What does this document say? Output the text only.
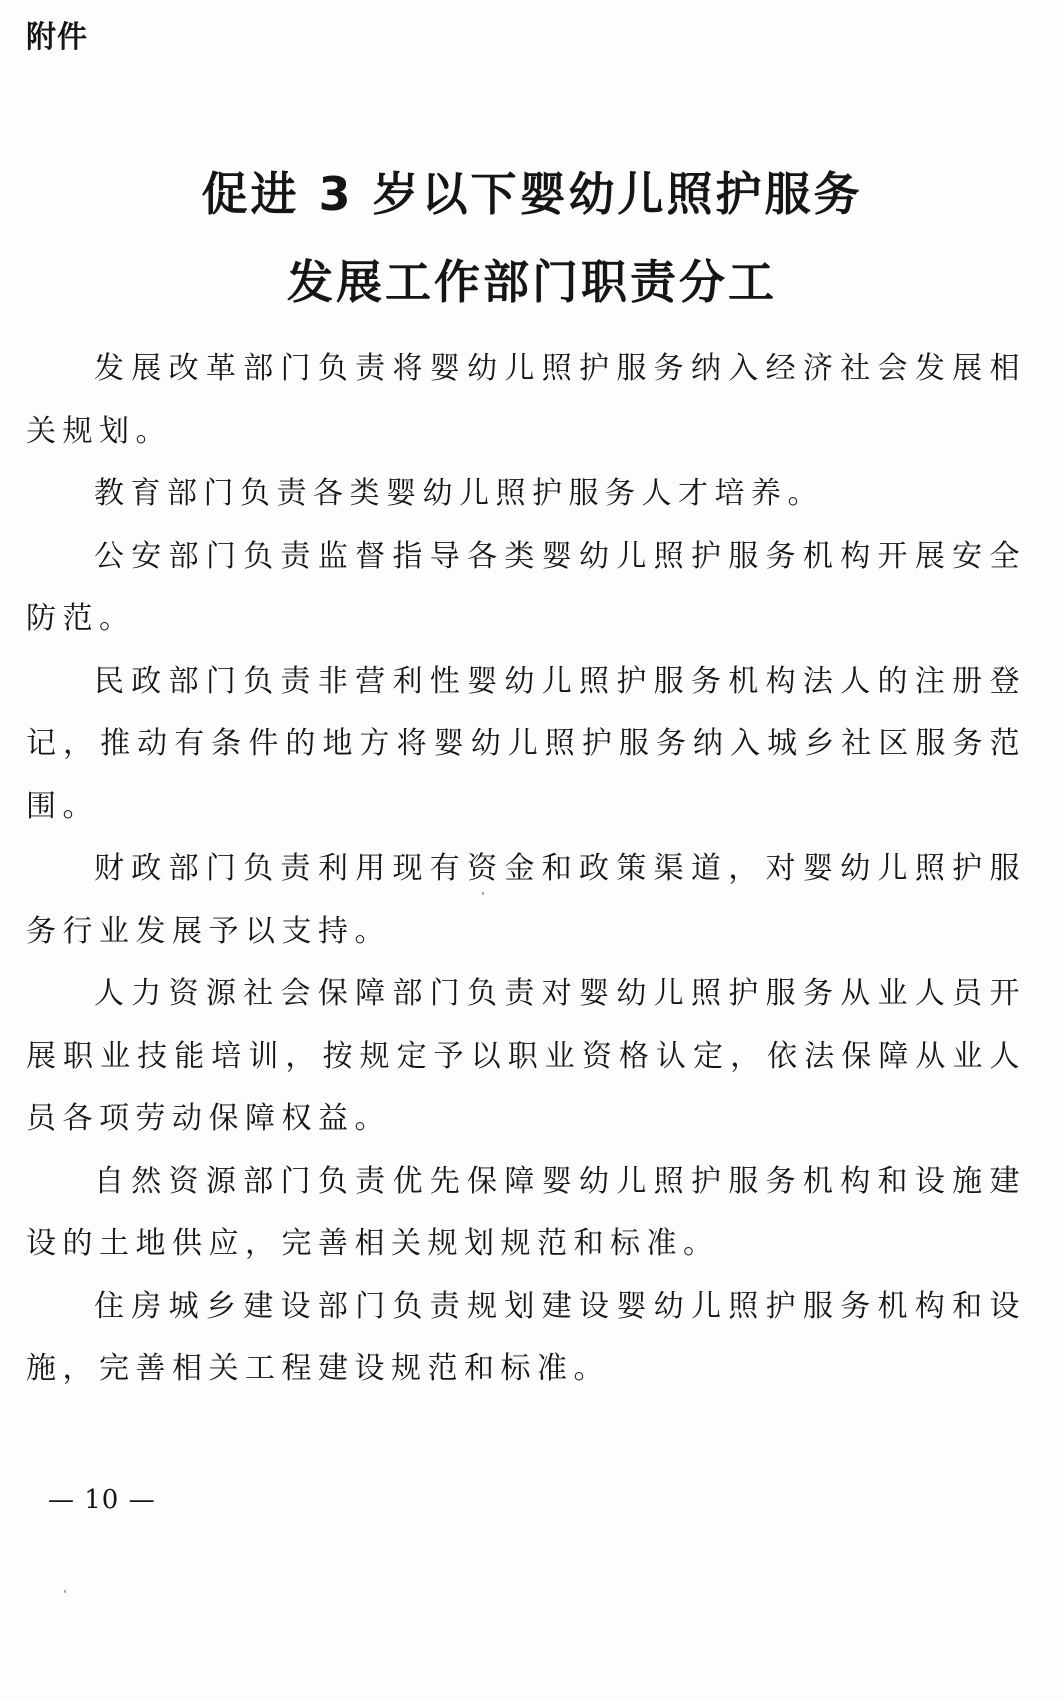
附件

促进 3 岁以下婴幼儿照护服务
发展工作部门职责分工

发展改革部门负责将婴幼儿照护服务纳入经济社会发展相关规划。

教育部门负责各类婴幼儿照护服务人才培养。

公安部门负责监督指导各类婴幼儿照护服务机构开展安全防范。

民政部门负责非营利性婴幼儿照护服务机构法人的注册登记，推动有条件的地方将婴幼儿照护服务纳入城乡社区服务范围。

财政部门负责利用现有资金和政策渠道，对婴幼儿照护服务行业发展予以支持。

人力资源社会保障部门负责对婴幼儿照护服务从业人员开展职业技能培训，按规定予以职业资格认定，依法保障从业人员各项劳动保障权益。

自然资源部门负责优先保障婴幼儿照护服务机构和设施建设的土地供应，完善相关规划规范和标准。

住房城乡建设部门负责规划建设婴幼儿照护服务机构和设施，完善相关工程建设规范和标准。

— 10 —
